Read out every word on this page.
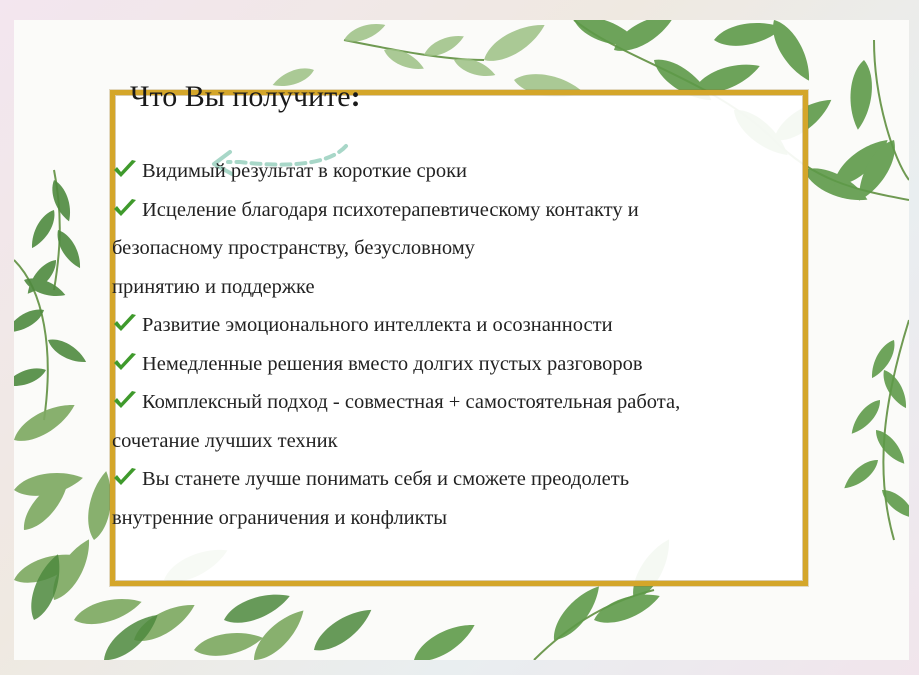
Что Вы получите:
Видимый результат в короткие сроки
Исцеление благодаря психотерапевтическому контакту и
безопасному пространству, безусловному
принятию и поддержке
Развитие эмоционального интеллекта и осознанности
Немедленные решения вместо долгих пустых разговоров
Комплексный подход - совместная + самостоятельная работа,
сочетание лучших техник
Вы станете лучше понимать себя и сможете преодолеть
внутренние ограничения и конфликты
